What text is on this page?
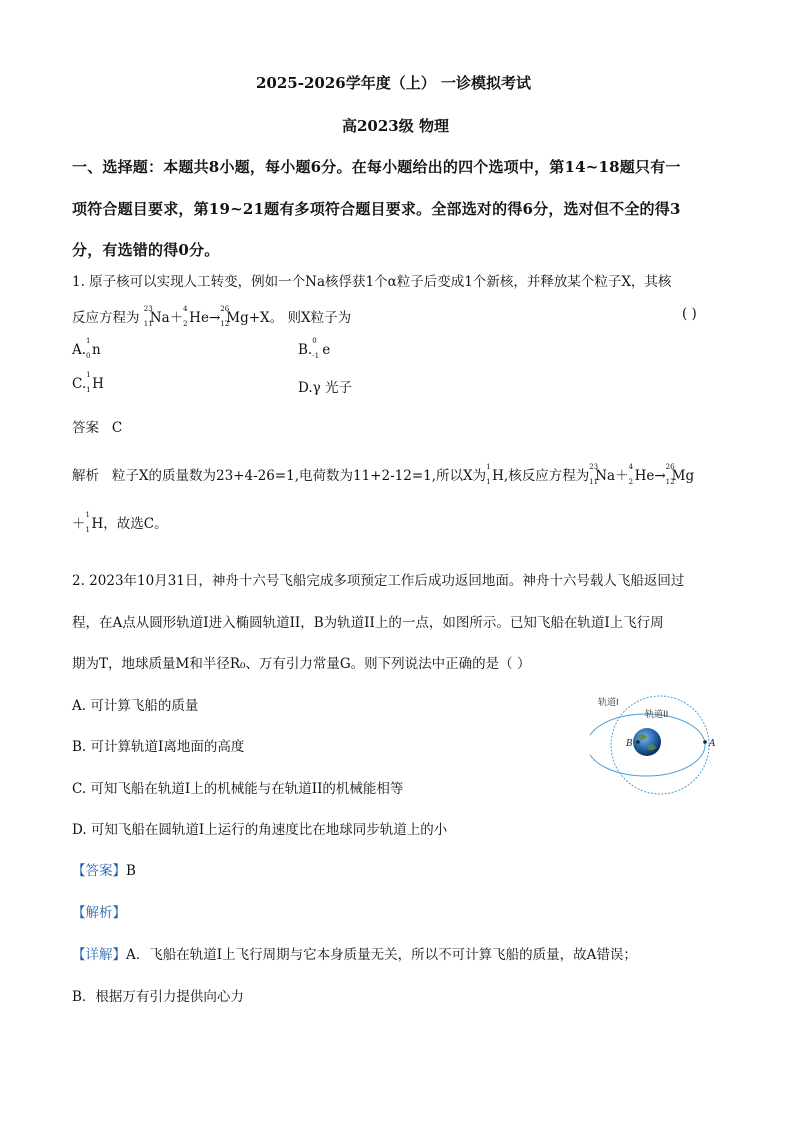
2025-2026学年度（上） 一诊模拟考试
高2023级 物理
一、选择题：本题共8小题，每小题6分。在每小题给出的四个选项中，第14~18题只有一
项符合题目要求，第19~21题有多项符合题目要求。全部选对的得6分，选对但不全的得3
分，有选错的得0分。
1. 原子核可以实现人工转变，例如一个Na核俘获1个α粒子后变成1个新核，并释放某个粒子X，其核
反应方程为
23
11
Na＋
4
2 He→
26
12
Mg+X。 则X粒子为	( )
A.
1
0 n	B.
0
-1 e
C.
1
1 H	D.γ 光子
答案 C
解析 粒子X的质量数为23+4-26=1,电荷数为11+2-12=1,所以X为
1
1 H,核反应方程为
23
11
Na＋
4
2 He→
26
12
Mg
＋
1
1 H，故选C。
2. 2023年10月31日，神舟十六号飞船完成多项预定工作后成功返回地面。神舟十六号载人飞船返回过
程，在A点从圆形轨道I进入椭圆轨道II，B为轨道II上的一点，如图所示。已知飞船在轨道I上飞行周
期为T，地球质量M和半径R₀、万有引力常量G。则下列说法中正确的是（ ）
A. 可计算飞船的质量
B. 可计算轨道I离地面的高度
C. 可知飞船在轨道I上的机械能与在轨道II的机械能相等
D. 可知飞船在圆轨道I上运行的角速度比在地球同步轨道上的小
轨道I
轨道II
B	A
【答案】B
【解析】
【详解】A．飞船在轨道I上飞行周期与它本身质量无关，所以不可计算飞船的质量，故A错误；
B．根据万有引力提供向心力
